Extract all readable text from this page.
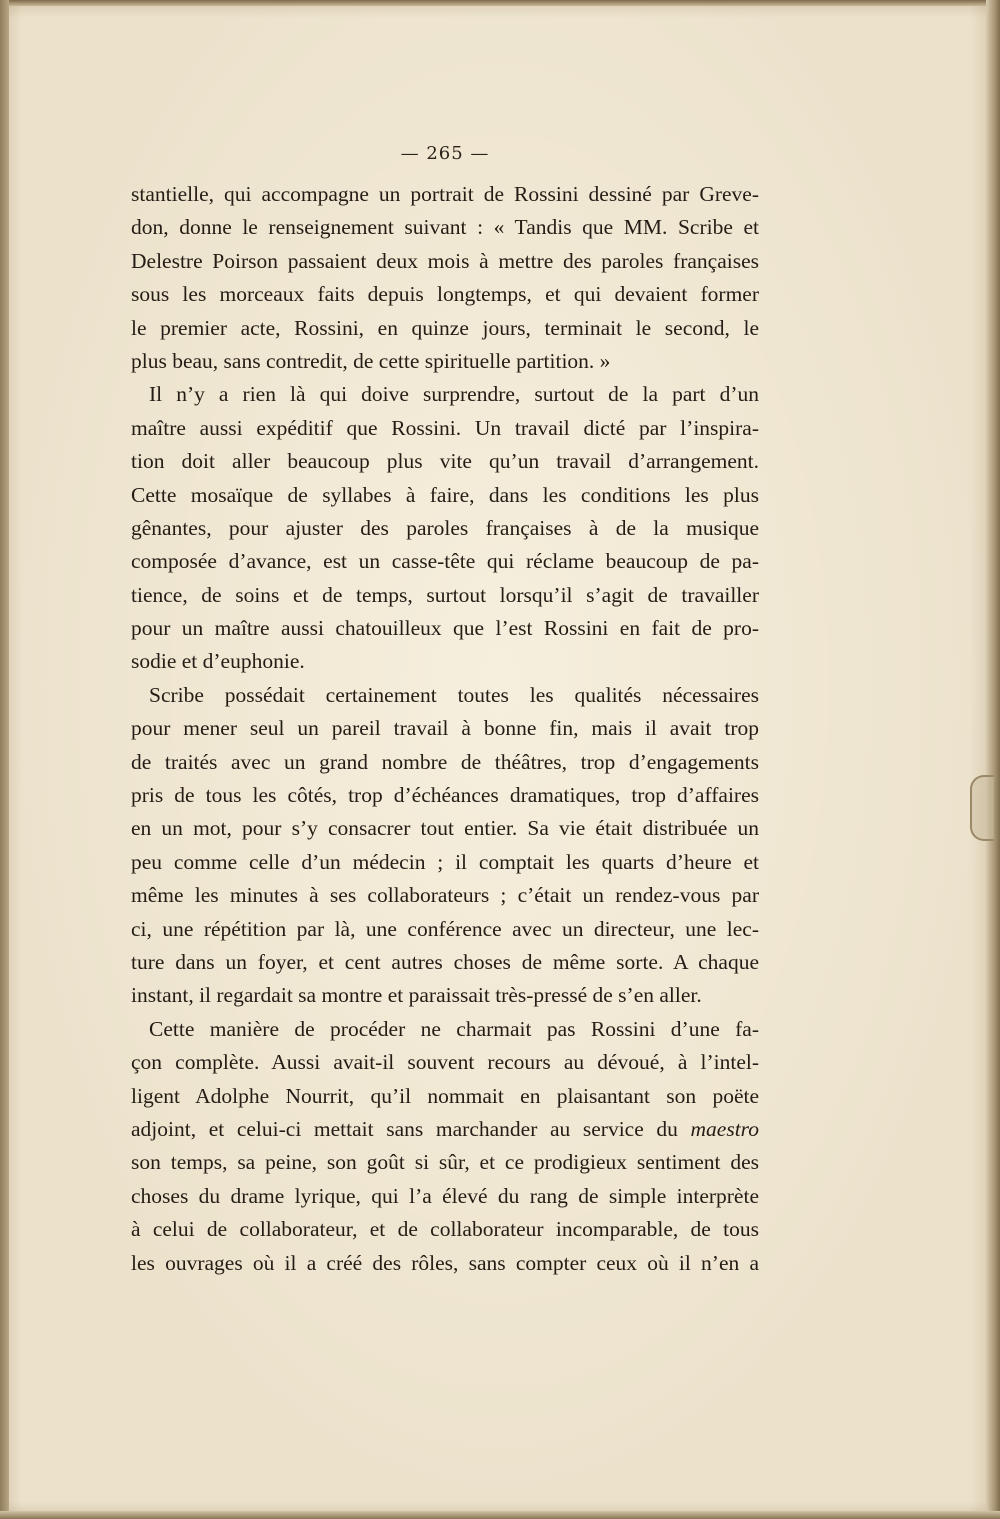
— 265 —
stantielle, qui accompagne un portrait de Rossini dessiné par Greve-
don, donne le renseignement suivant : « Tandis que MM. Scribe et
Delestre Poirson passaient deux mois à mettre des paroles françaises
sous les morceaux faits depuis longtemps, et qui devaient former
le premier acte, Rossini, en quinze jours, terminait le second, le
plus beau, sans contredit, de cette spirituelle partition. »
Il n’y a rien là qui doive surprendre, surtout de la part d’un
maître aussi expéditif que Rossini. Un travail dicté par l’inspira-
tion doit aller beaucoup plus vite qu’un travail d’arrangement.
Cette mosaïque de syllabes à faire, dans les conditions les plus
gênantes, pour ajuster des paroles françaises à de la musique
composée d’avance, est un casse-tête qui réclame beaucoup de pa-
tience, de soins et de temps, surtout lorsqu’il s’agit de travailler
pour un maître aussi chatouilleux que l’est Rossini en fait de pro-
sodie et d’euphonie.
Scribe possédait certainement toutes les qualités nécessaires
pour mener seul un pareil travail à bonne fin, mais il avait trop
de traités avec un grand nombre de théâtres, trop d’engagements
pris de tous les côtés, trop d’échéances dramatiques, trop d’affaires
en un mot, pour s’y consacrer tout entier. Sa vie était distribuée un
peu comme celle d’un médecin ; il comptait les quarts d’heure et
même les minutes à ses collaborateurs ; c’était un rendez-vous par
ci, une répétition par là, une conférence avec un directeur, une lec-
ture dans un foyer, et cent autres choses de même sorte. A chaque
instant, il regardait sa montre et paraissait très-pressé de s’en aller.
Cette manière de procéder ne charmait pas Rossini d’une fa-
çon complète. Aussi avait-il souvent recours au dévoué, à l’intel-
ligent Adolphe Nourrit, qu’il nommait en plaisantant son poëte
adjoint, et celui-ci mettait sans marchander au service du maestro
son temps, sa peine, son goût si sûr, et ce prodigieux sentiment des
choses du drame lyrique, qui l’a élevé du rang de simple interprète
à celui de collaborateur, et de collaborateur incomparable, de tous
les ouvrages où il a créé des rôles, sans compter ceux où il n’en a
